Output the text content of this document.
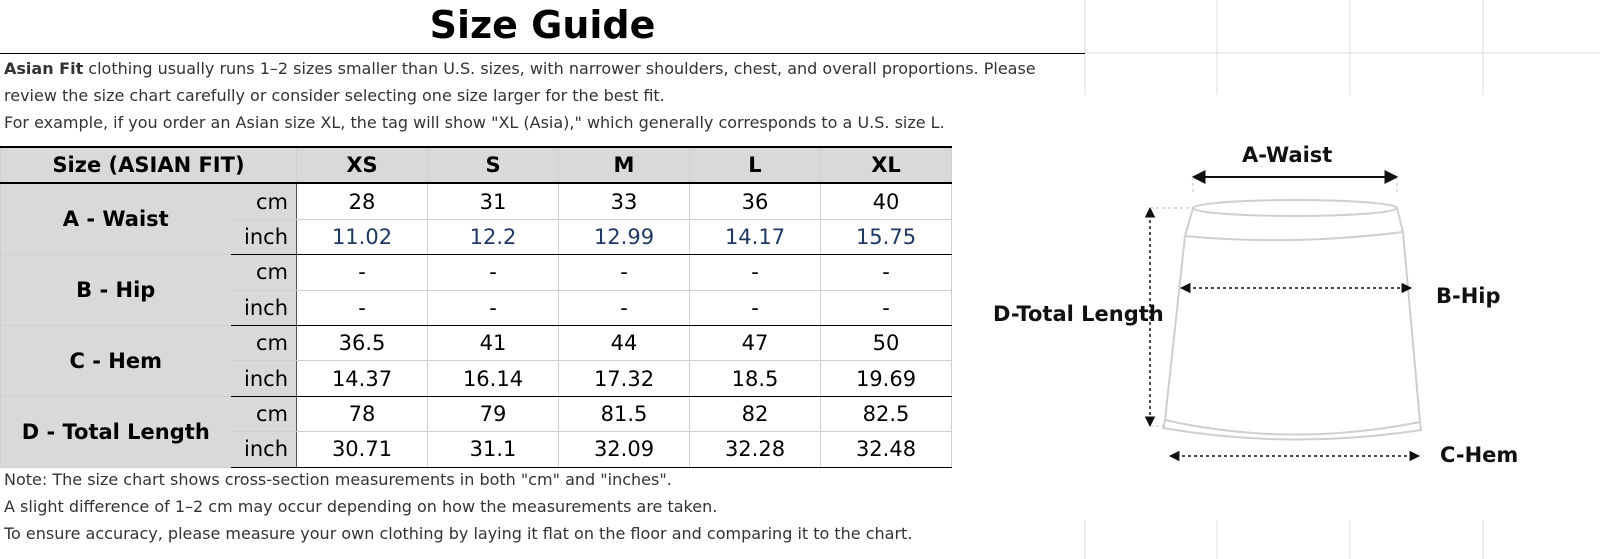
Size Guide

Asian Fit clothing usually runs 1–2 sizes smaller than U.S. sizes, with narrower shoulders, chest, and overall proportions. Please review the size chart carefully or consider selecting one size larger for the best fit.

For example, if you order an Asian size XL, the tag will show "XL (Asia)," which generally corresponds to a U.S. size L.

Size (ASIAN FIT)		XS	S	M	L	XL
A - Waist	cm	28	31	33	36	40
	inch	11.02	12.2	12.99	14.17	15.75
B - Hip	cm	-	-	-	-	-
	inch	-	-	-	-	-
C - Hem	cm	36.5	41	44	47	50
	inch	14.37	16.14	17.32	18.5	19.69
D - Total Length	cm	78	79	81.5	82	82.5
	inch	30.71	31.1	32.09	32.28	32.48

Note: The size chart shows cross-section measurements in both "cm" and "inches".

A slight difference of 1–2 cm may occur depending on how the measurements are taken.

To ensure accuracy, please measure your own clothing by laying it flat on the floor and comparing it to the chart.

A-Waist
B-Hip
C-Hem
D-Total Length
